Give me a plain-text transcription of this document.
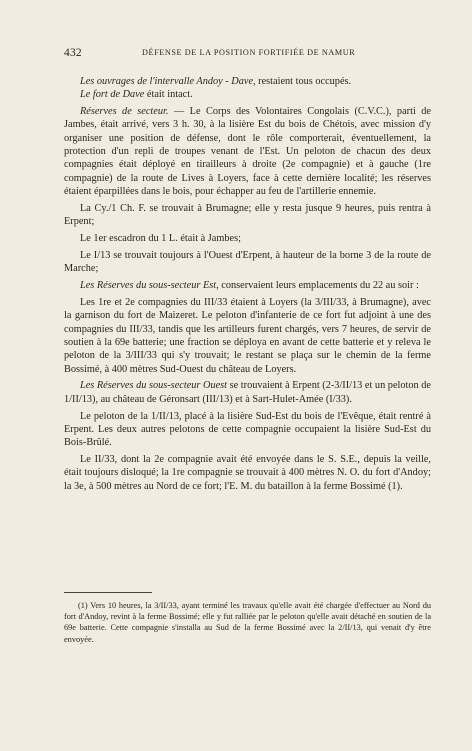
432	DÉFENSE DE LA POSITION FORTIFIÉE DE NAMUR

Les ouvrages de l'intervalle Andoy - Dave, restaient tous occupés.

Le fort de Dave était intact.

Réserves de secteur. — Le Corps des Volontaires Congolais (C.V.C.), parti de Jambes, était arrivé, vers 3 h. 30, à la lisière Est du bois de Chétois, avec mission d'y organiser une position de défense, dont le rôle comporterait, éventuellement, la protection d'un repli de troupes venant de l'Est. Un peloton de chacun des deux compagnies était déployé en tirailleurs à droite (2e compagnie) et à gauche (1re compagnie) de la route de Lives à Loyers, face à cette dernière localité; les réserves étaient éparpillées dans le bois, pour échapper au feu de l'artillerie ennemie.

La Cy./1 Ch. F. se trouvait à Brumagne; elle y resta jusque 9 heures, puis rentra à Erpent;

Le 1er escadron du 1 L. était à Jambes;

Le I/13 se trouvait toujours à l'Ouest d'Erpent, à hauteur de la borne 3 de la route de Marche;

Les Réserves du sous-secteur Est, conservaient leurs emplacements du 22 au soir :

Les 1re et 2e compagnies du III/33 étaient à Loyers (la 3/III/33, à Brumagne), avec la garnison du fort de Maizeret. Le peloton d'infanterie de ce fort fut adjoint à une des compagnies du III/33, tandis que les artilleurs furent chargés, vers 7 heures, de servir de soutien à la 69e batterie; une fraction se déploya en avant de cette batterie et y releva le peloton de la 3/III/33 qui s'y trouvait; le restant se plaça sur le chemin de la ferme Bossimé, à 400 mètres Sud-Ouest du château de Loyers.

Les Réserves du sous-secteur Ouest se trouvaient à Erpent (2-3/II/13 et un peloton de 1/II/13), au château de Géronsart (III/13) et à Sart-Hulet-Amée (I/33).

Le peloton de la 1/II/13, placé à la lisière Sud-Est du bois de l'Evêque, était rentré à Erpent. Les deux autres pelotons de cette compagnie occupaient la lisière Sud-Est du Bois-Brûlé.

Le II/33, dont la 2e compagnie avait été envoyée dans le S. S.E., depuis la veille, était toujours disloqué; la 1re compagnie se trouvait à 400 mètres N. O. du fort d'Andoy; la 3e, à 500 mètres au Nord de ce fort; l'E. M. du bataillon à la ferme Bossimé (1).

(1) Vers 10 heures, la 3/II/33, ayant terminé les travaux qu'elle avait été chargée d'effectuer au Nord du fort d'Andoy, revint à la ferme Bossimé; elle y fut ralliée par le peloton qu'elle avait détaché en soutien de la 69e batterie. Cette compagnie s'installa au Sud de la ferme Bossimé avec la 2/II/13, qui venait d'y être envoyée.
